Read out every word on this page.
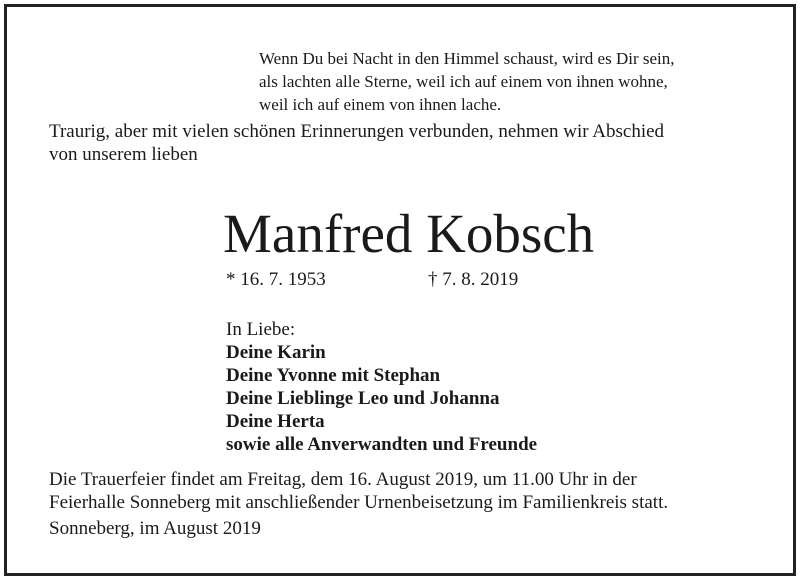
Wenn Du bei Nacht in den Himmel schaust, wird es Dir sein,
als lachten alle Sterne, weil ich auf einem von ihnen wohne,
weil ich auf einem von ihnen lache.
Traurig, aber mit vielen schönen Erinnerungen verbunden, nehmen wir Abschied
von unserem lieben
Manfred Kobsch
* 16. 7. 1953	† 7. 8. 2019
In Liebe:
Deine Karin
Deine Yvonne mit Stephan
Deine Lieblinge Leo und Johanna
Deine Herta
sowie alle Anverwandten und Freunde
Die Trauerfeier findet am Freitag, dem 16. August 2019, um 11.00 Uhr in der
Feierhalle Sonneberg mit anschließender Urnenbeisetzung im Familienkreis statt.
Sonneberg, im August 2019
